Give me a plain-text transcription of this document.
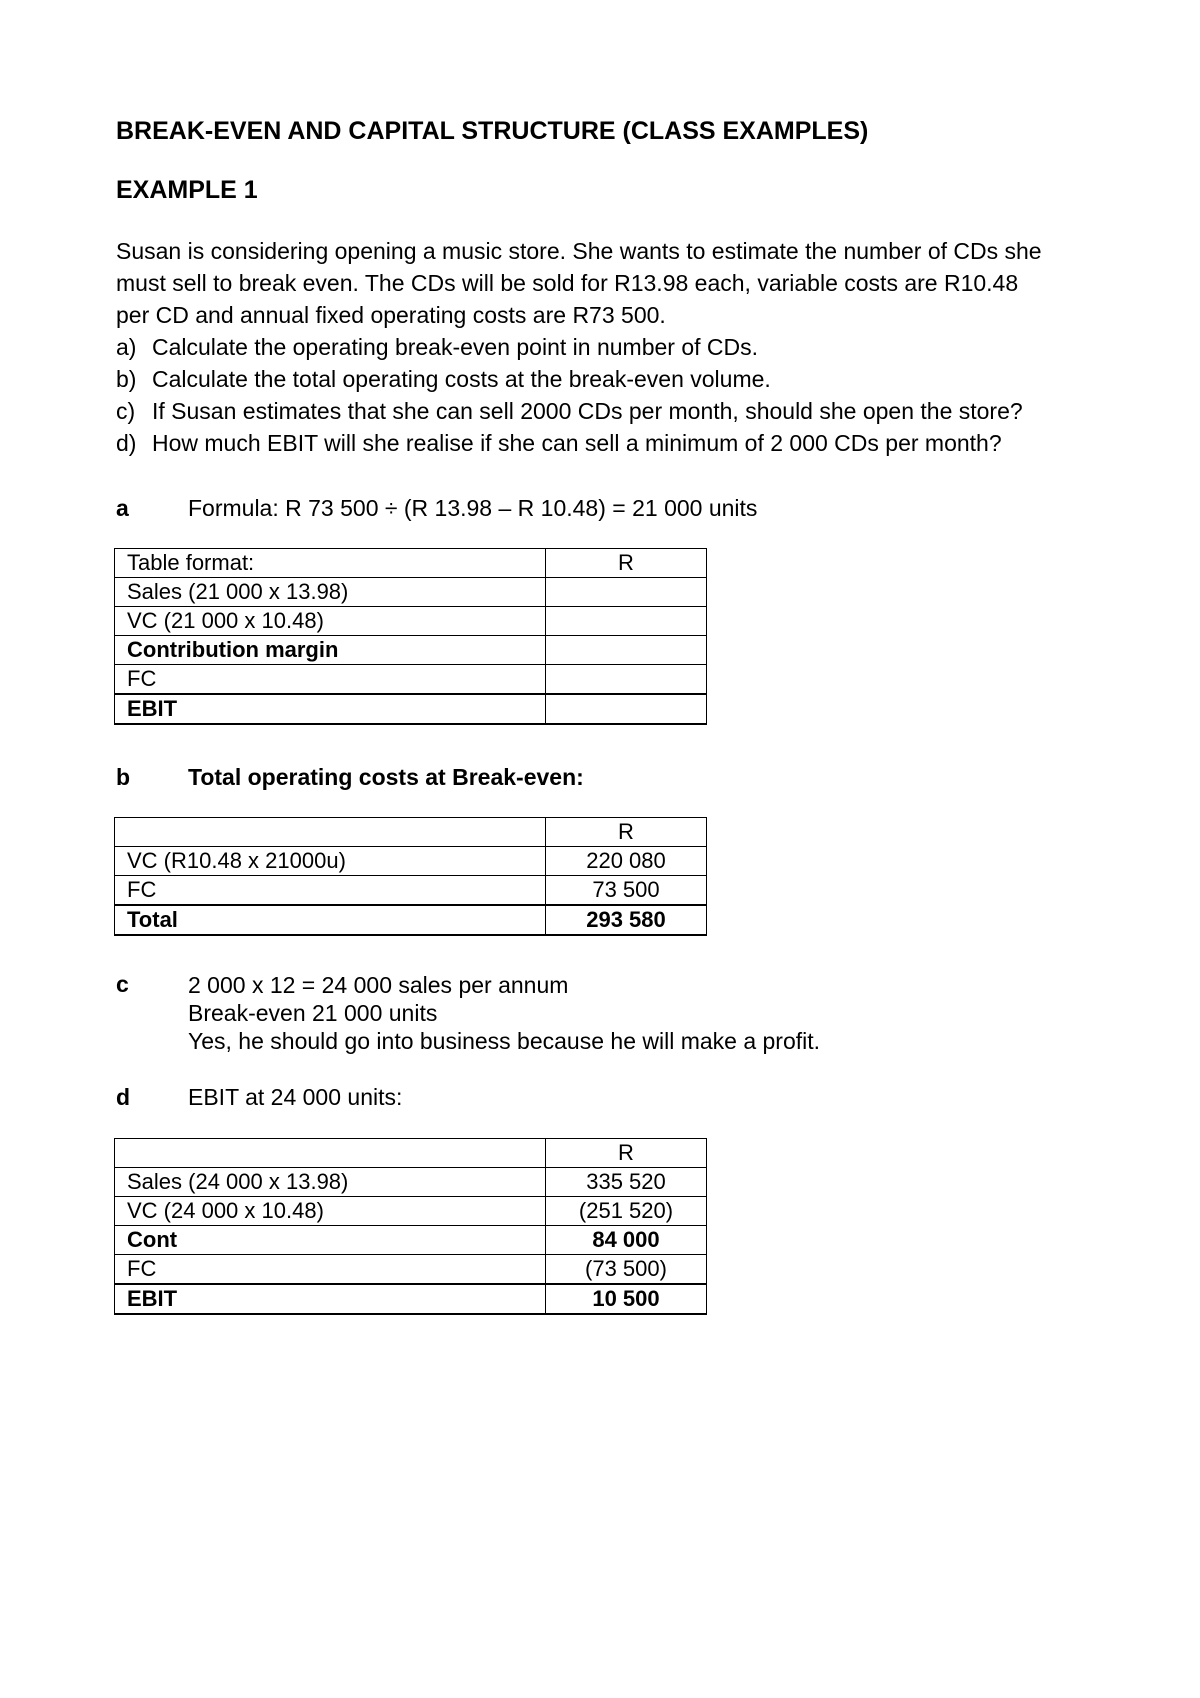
BREAK-EVEN AND CAPITAL STRUCTURE (CLASS EXAMPLES)
EXAMPLE 1

Susan is considering opening a music store. She wants to estimate the number of CDs she

must sell to break even. The CDs will be sold for R13.98 each, variable costs are R10.48

per CD and annual fixed operating costs are R73 500.

a) Calculate the operating break-even point in number of CDs.
b) Calculate the total operating costs at the break-even volume.
c) If Susan estimates that she can sell 2000 CDs per month, should she open the store?
d) How much EBIT will she realise if she can sell a minimum of 2 000 CDs per month?
a	Formula: R 73 500 ÷ (R 13.98 – R 10.48) = 21 000 units
Table format:	R
Sales (21 000 x 13.98)	
VC (21 000 x 10.48)	
Contribution margin	
FC	
EBIT	
b	Total operating costs at Break-even:
	R
VC (R10.48 x 21000u)	220 080
FC	73 500
Total	293 580
c	2 000 x 12 = 24 000 sales per annum
Break-even 21 000 units
Yes, he should go into business because he will make a profit.
d	EBIT at 24 000 units:
	R
Sales (24 000 x 13.98)	335 520
VC (24 000 x 10.48)	(251 520)
Cont	84 000
FC	(73 500)
EBIT	10 500
